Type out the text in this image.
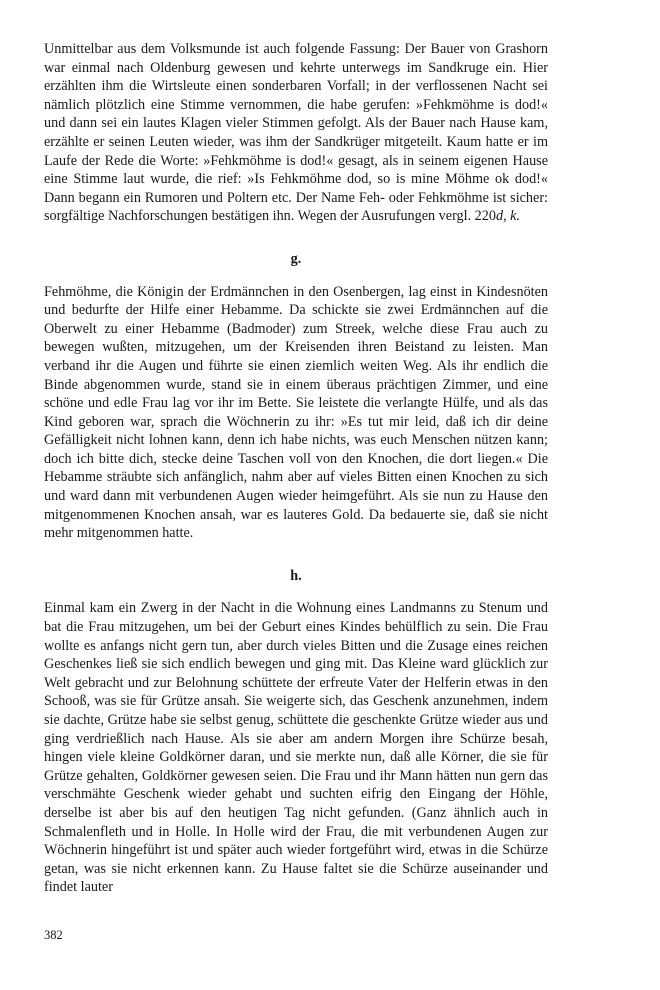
Unmittelbar aus dem Volksmunde ist auch folgende Fassung: Der Bauer von Grashorn war einmal nach Oldenburg gewesen und kehrte unterwegs im Sandkruge ein. Hier erzählten ihm die Wirtsleute einen sonderbaren Vorfall; in der verflossenen Nacht sei nämlich plötzlich eine Stimme vernommen, die habe gerufen: »Fehkmöhme is dod!« und dann sei ein lautes Klagen vieler Stimmen gefolgt. Als der Bauer nach Hause kam, erzählte er seinen Leuten wieder, was ihm der Sandkrüger mitgeteilt. Kaum hatte er im Laufe der Rede die Worte: »Fehkmöhme is dod!« gesagt, als in seinem eigenen Hause eine Stimme laut wurde, die rief: »Is Fehkmöhme dod, so is mine Möhme ok dod!« Dann begann ein Rumoren und Poltern etc. Der Name Feh- oder Fehkmöhme ist sicher: sorgfältige Nachforschungen bestätigen ihn. Wegen der Ausrufungen vergl. 220d, k.

g.

Fehmöhme, die Königin der Erdmännchen in den Osenbergen, lag einst in Kindesnöten und bedurfte der Hilfe einer Hebamme. Da schickte sie zwei Erdmännchen auf die Oberwelt zu einer Hebamme (Badmoder) zum Streek, welche diese Frau auch zu bewegen wußten, mitzugehen, um der Kreisenden ihren Beistand zu leisten. Man verband ihr die Augen und führte sie einen ziemlich weiten Weg. Als ihr endlich die Binde abgenommen wurde, stand sie in einem überaus prächtigen Zimmer, und eine schöne und edle Frau lag vor ihr im Bette. Sie leistete die verlangte Hülfe, und als das Kind geboren war, sprach die Wöchnerin zu ihr: »Es tut mir leid, daß ich dir deine Gefälligkeit nicht lohnen kann, denn ich habe nichts, was euch Menschen nützen kann; doch ich bitte dich, stecke deine Taschen voll von den Knochen, die dort liegen.« Die Hebamme sträubte sich anfänglich, nahm aber auf vieles Bitten einen Knochen zu sich und ward dann mit verbundenen Augen wieder heimgeführt. Als sie nun zu Hause den mitgenommenen Knochen ansah, war es lauteres Gold. Da bedauerte sie, daß sie nicht mehr mitgenommen hatte.

h.

Einmal kam ein Zwerg in der Nacht in die Wohnung eines Landmanns zu Stenum und bat die Frau mitzugehen, um bei der Geburt eines Kindes behülflich zu sein. Die Frau wollte es anfangs nicht gern tun, aber durch vieles Bitten und die Zusage eines reichen Geschenkes ließ sie sich endlich bewegen und ging mit. Das Kleine ward glücklich zur Welt gebracht und zur Belohnung schüttete der erfreute Vater der Helferin etwas in den Schooß, was sie für Grütze ansah. Sie weigerte sich, das Geschenk anzunehmen, indem sie dachte, Grütze habe sie selbst genug, schüttete die geschenkte Grütze wieder aus und ging verdrießlich nach Hause. Als sie aber am andern Morgen ihre Schürze besah, hingen viele kleine Goldkörner daran, und sie merkte nun, daß alle Körner, die sie für Grütze gehalten, Goldkörner gewesen seien. Die Frau und ihr Mann hätten nun gern das verschmähte Geschenk wieder gehabt und suchten eifrig den Eingang der Höhle, derselbe ist aber bis auf den heutigen Tag nicht gefunden. (Ganz ähnlich auch in Schmalenfleth und in Holle. In Holle wird der Frau, die mit verbundenen Augen zur Wöchnerin hingeführt ist und später auch wieder fortgeführt wird, etwas in die Schürze getan, was sie nicht erkennen kann. Zu Hause faltet sie die Schürze auseinander und findet lauter

382
